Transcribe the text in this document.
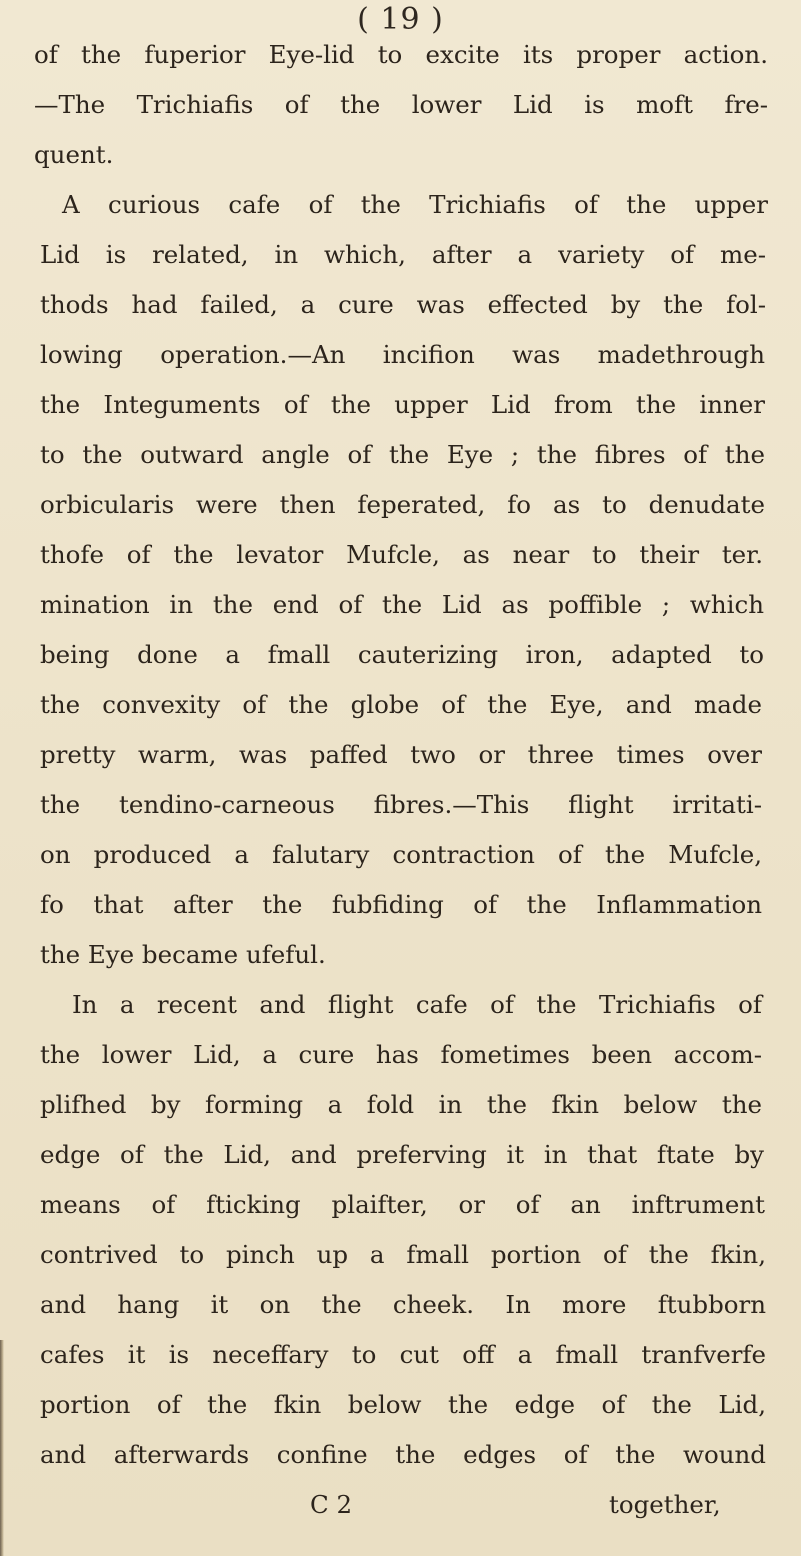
( 19 )
of the fuperior Eye-lid to excite its proper action.
—The Trichiafis of the lower Lid is moft fre-
quent.
A curious cafe of the Trichiafis of the upper
Lid is related, in which, after a variety of me-
thods had failed, a cure was effected by the fol-
lowing operation.—An incifion was madethrough
the Integuments of the upper Lid from the inner
to the outward angle of the Eye ; the fibres of the
orbicularis were then feperated, fo as to denudate
thofe of the levator Mufcle, as near to their ter.
mination in the end of the Lid as poffible ; which
being done a fmall cauterizing iron, adapted to
the convexity of the globe of the Eye, and made
pretty warm, was paffed two or three times over
the tendino-carneous fibres.—This flight irritati-
on produced a falutary contraction of the Mufcle,
fo that after the fubfiding of the Inflammation
the Eye became ufeful.
In a recent and flight cafe of the Trichiafis of
the lower Lid, a cure has fometimes been accom-
plifhed by forming a fold in the fkin below the
edge of the Lid, and preferving it in that ftate by
means of fticking plaifter, or of an inftrument
contrived to pinch up a fmall portion of the fkin,
and hang it on the cheek. In more ftubborn
cafes it is neceffary to cut off a fmall tranfverfe
portion of the fkin below the edge of the Lid,
and afterwards confine the edges of the wound
C 2	together,
